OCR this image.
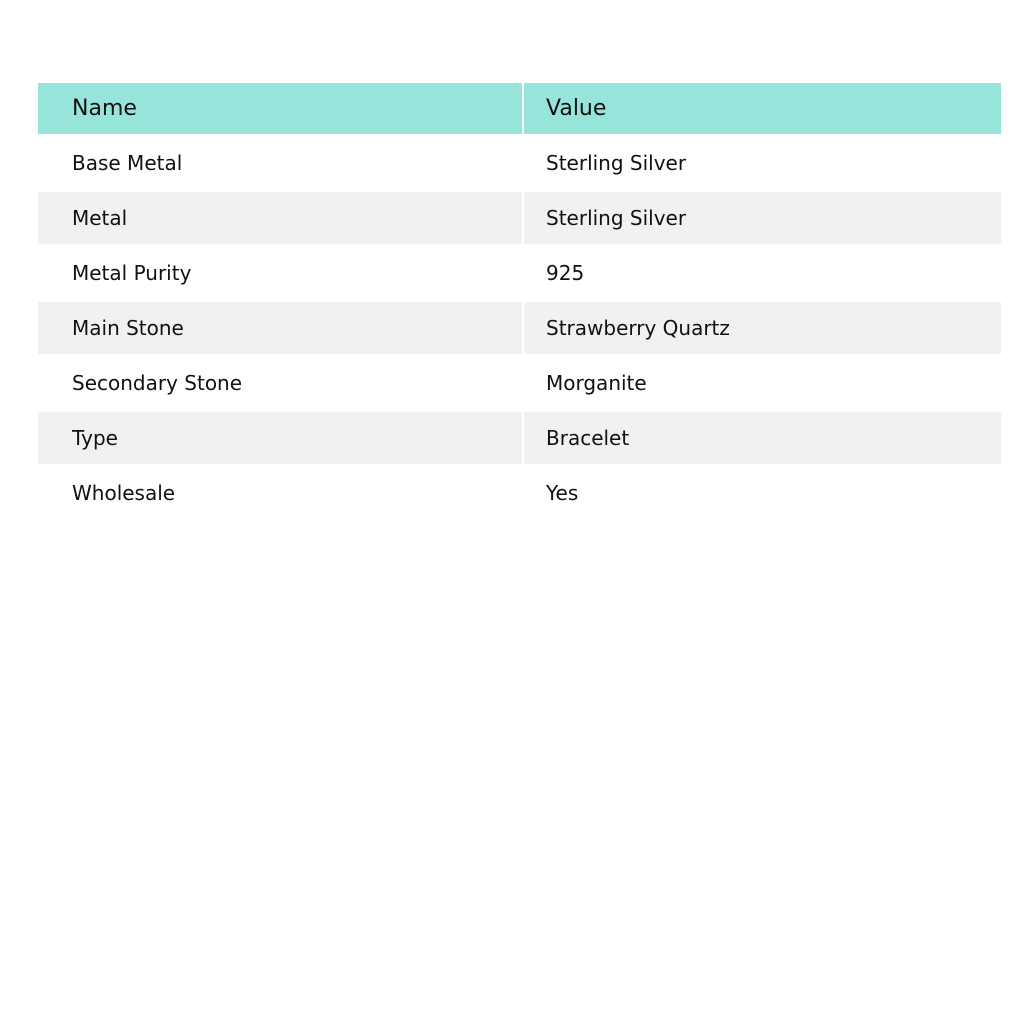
Name	Value
Base Metal	Sterling Silver
Metal	Sterling Silver
Metal Purity	925
Main Stone	Strawberry Quartz
Secondary Stone	Morganite
Type	Bracelet
Wholesale	Yes
